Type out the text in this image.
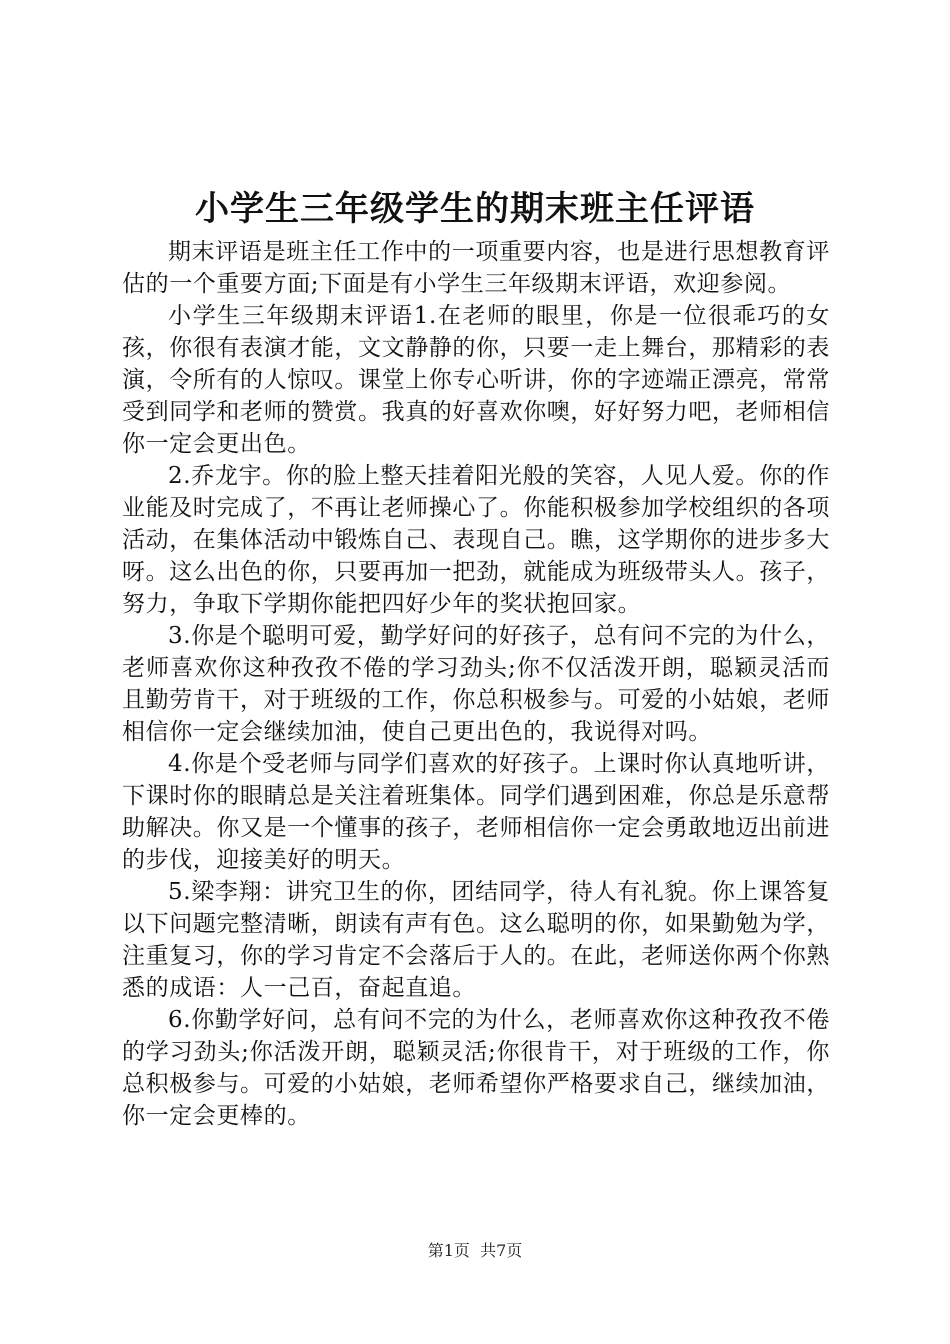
小学生三年级学生的期末班主任评语

期末评语是班主任工作中的一项重要内容，也是进行思想教育评估的一个重要方面;下面是有小学生三年级期末评语，欢迎参阅。

小学生三年级期末评语1.在老师的眼里，你是一位很乖巧的女孩，你很有表演才能，文文静静的你，只要一走上舞台，那精彩的表演，令所有的人惊叹。课堂上你专心听讲，你的字迹端正漂亮，常常受到同学和老师的赞赏。我真的好喜欢你噢，好好努力吧，老师相信你一定会更出色。

2.乔龙宇。你的脸上整天挂着阳光般的笑容，人见人爱。你的作业能及时完成了，不再让老师操心了。你能积极参加学校组织的各项活动，在集体活动中锻炼自己、表现自己。瞧，这学期你的进步多大呀。这么出色的你，只要再加一把劲，就能成为班级带头人。孩子，努力，争取下学期你能把四好少年的奖状抱回家。

3.你是个聪明可爱，勤学好问的好孩子，总有问不完的为什么，老师喜欢你这种孜孜不倦的学习劲头;你不仅活泼开朗，聪颖灵活而且勤劳肯干，对于班级的工作，你总积极参与。可爱的小姑娘，老师相信你一定会继续加油，使自己更出色的，我说得对吗。

4.你是个受老师与同学们喜欢的好孩子。上课时你认真地听讲，下课时你的眼睛总是关注着班集体。同学们遇到困难，你总是乐意帮助解决。你又是一个懂事的孩子，老师相信你一定会勇敢地迈出前进的步伐，迎接美好的明天。

5.梁李翔：讲究卫生的你，团结同学，待人有礼貌。你上课答复以下问题完整清晰，朗读有声有色。这么聪明的你，如果勤勉为学，注重复习，你的学习肯定不会落后于人的。在此，老师送你两个你熟悉的成语：人一己百，奋起直追。

6.你勤学好问，总有问不完的为什么，老师喜欢你这种孜孜不倦的学习劲头;你活泼开朗，聪颖灵活;你很肯干，对于班级的工作，你总积极参与。可爱的小姑娘，老师希望你严格要求自己，继续加油，你一定会更棒的。

第1页 共7页
